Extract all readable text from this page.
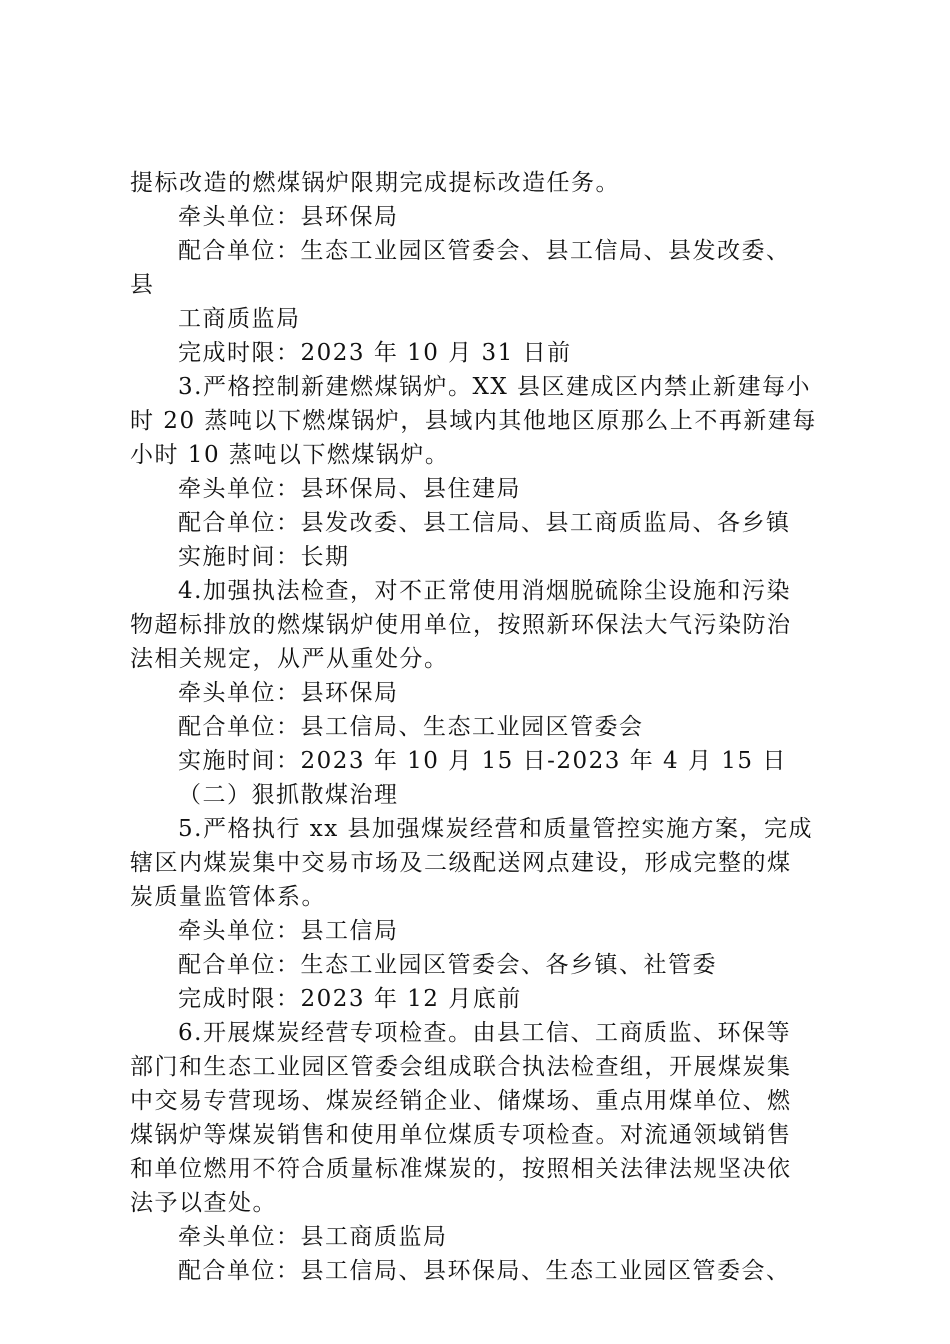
提标改造的燃煤锅炉限期完成提标改造任务。
牵头单位：县环保局
配合单位：生态工业园区管委会、县工信局、县发改委、
县
工商质监局
完成时限：2023 年 10 月 31 日前
3.严格控制新建燃煤锅炉。XX 县区建成区内禁止新建每小
时 20 蒸吨以下燃煤锅炉，县域内其他地区原那么上不再新建每
小时 10 蒸吨以下燃煤锅炉。
牵头单位：县环保局、县住建局
配合单位：县发改委、县工信局、县工商质监局、各乡镇
实施时间：长期
4.加强执法检查，对不正常使用消烟脱硫除尘设施和污染
物超标排放的燃煤锅炉使用单位，按照新环保法大气污染防治
法相关规定，从严从重处分。
牵头单位：县环保局
配合单位：县工信局、生态工业园区管委会
实施时间：2023 年 10 月 15 日-2023 年 4 月 15 日
（二）狠抓散煤治理
5.严格执行 xx 县加强煤炭经营和质量管控实施方案，完成
辖区内煤炭集中交易市场及二级配送网点建设，形成完整的煤
炭质量监管体系。
牵头单位：县工信局
配合单位：生态工业园区管委会、各乡镇、社管委
完成时限：2023 年 12 月底前
6.开展煤炭经营专项检查。由县工信、工商质监、环保等
部门和生态工业园区管委会组成联合执法检查组，开展煤炭集
中交易专营现场、煤炭经销企业、储煤场、重点用煤单位、燃
煤锅炉等煤炭销售和使用单位煤质专项检查。对流通领域销售
和单位燃用不符合质量标准煤炭的，按照相关法律法规坚决依
法予以查处。
牵头单位：县工商质监局
配合单位：县工信局、县环保局、生态工业园区管委会、
